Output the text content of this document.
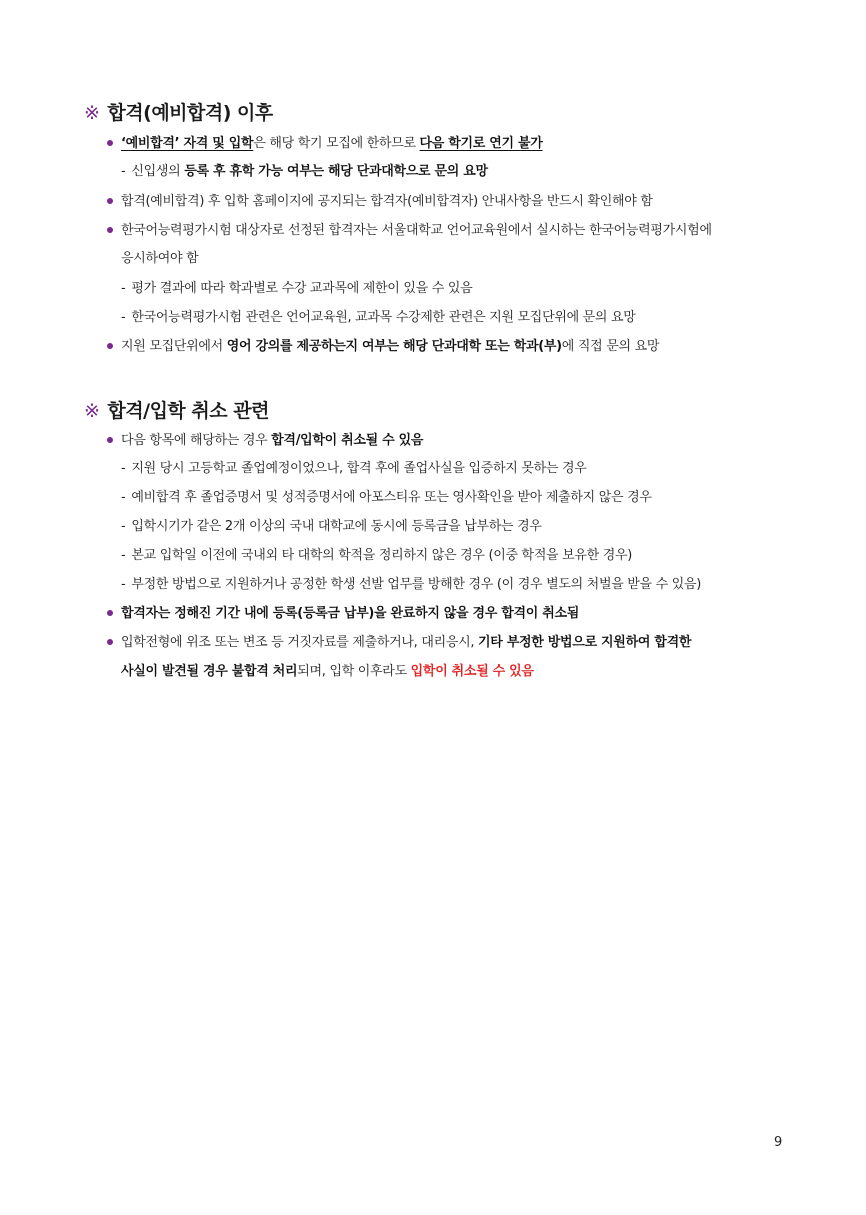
※ 합격(예비합격) 이후
‘예비합격’ 자격 및 입학은 해당 학기 모집에 한하므로 다음 학기로 연기 불가
- 신입생의 등록 후 휴학 가능 여부는 해당 단과대학으로 문의 요망
합격(예비합격) 후 입학 홈페이지에 공지되는 합격자(예비합격자) 안내사항을 반드시 확인해야 함
한국어능력평가시험 대상자로 선정된 합격자는 서울대학교 언어교육원에서 실시하는 한국어능력평가시험에
응시하여야 함
- 평가 결과에 따라 학과별로 수강 교과목에 제한이 있을 수 있음
- 한국어능력평가시험 관련은 언어교육원, 교과목 수강제한 관련은 지원 모집단위에 문의 요망
지원 모집단위에서 영어 강의를 제공하는지 여부는 해당 단과대학 또는 학과(부)에 직접 문의 요망
※ 합격/입학 취소 관련
다음 항목에 해당하는 경우 합격/입학이 취소될 수 있음
- 지원 당시 고등학교 졸업예정이었으나, 합격 후에 졸업사실을 입증하지 못하는 경우
- 예비합격 후 졸업증명서 및 성적증명서에 아포스티유 또는 영사확인을 받아 제출하지 않은 경우
- 입학시기가 같은 2개 이상의 국내 대학교에 동시에 등록금을 납부하는 경우
- 본교 입학일 이전에 국내외 타 대학의 학적을 정리하지 않은 경우 (이중 학적을 보유한 경우)
- 부정한 방법으로 지원하거나 공정한 학생 선발 업무를 방해한 경우 (이 경우 별도의 처벌을 받을 수 있음)
합격자는 정해진 기간 내에 등록(등록금 납부)을 완료하지 않을 경우 합격이 취소됨
입학전형에 위조 또는 변조 등 거짓자료를 제출하거나, 대리응시, 기타 부정한 방법으로 지원하여 합격한
사실이 발견될 경우 불합격 처리되며, 입학 이후라도 입학이 취소될 수 있음
9
